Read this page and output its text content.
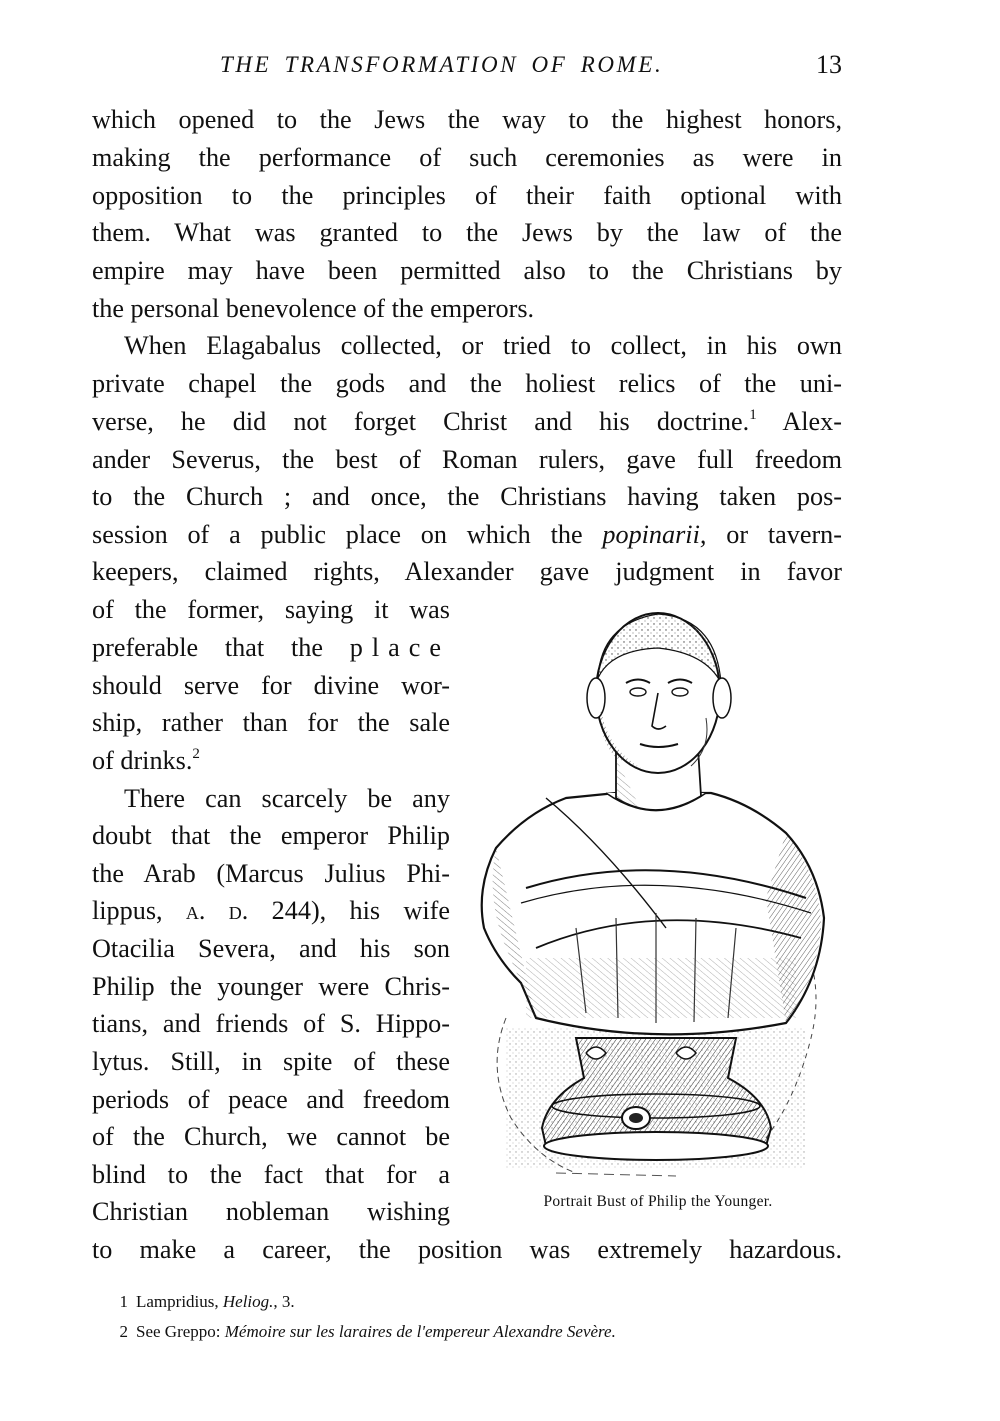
THE TRANSFORMATION OF ROME.	13
which opened to the Jews the way to the highest honors,
making the performance of such ceremonies as were in
opposition to the principles of their faith optional with
them. What was granted to the Jews by the law of the
empire may have been permitted also to the Christians by
the personal benevolence of the emperors.
When Elagabalus collected, or tried to collect, in his own
private chapel the gods and the holiest relics of the uni-
verse, he did not forget Christ and his doctrine.$^1$ Alex-
ander Severus, the best of Roman rulers, gave full freedom
to the Church ; and once, the Christians having taken pos-
session of a public place on which the popinarii, or tavern-
keepers, claimed rights, Alexander gave judgment in favor
of the former, saying it was
preferable that the place
should serve for divine wor-
ship, rather than for the sale
of drinks.$^2$
There can scarcely be any
doubt that the emperor Philip
the Arab (Marcus Julius Phi-
lippus, a. d. 244), his wife
Otacilia Severa, and his son
Philip the younger were Chris-
tians, and friends of S. Hippo-
lytus. Still, in spite of these
periods of peace and freedom
of the Church, we cannot be
blind to the fact that for a
Christian nobleman wishing
to make a career, the position was extremely hazardous.
Portrait Bust of Philip the Younger.
1 Lampridius, Heliog., 3.
2 See Greppo: Mémoire sur les laraires de l'empereur Alexandre Sevère.
